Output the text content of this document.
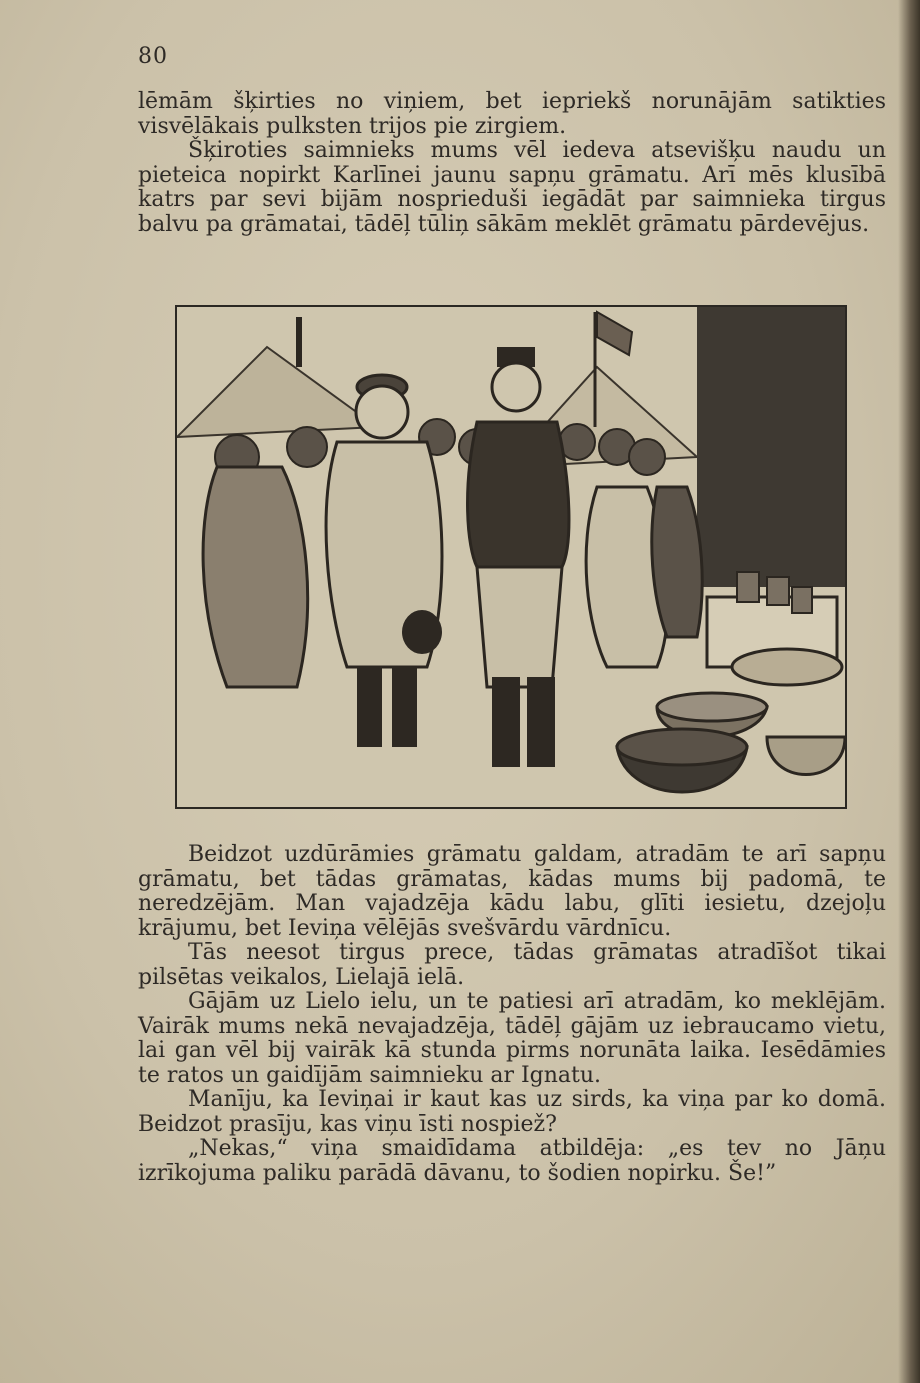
80

lēmām šķirties no viņiem, bet iepriekš norunājām satikties visvēlākais pulksten trijos pie zirgiem.

Šķiroties saimnieks mums vēl iedeva atsevišķu naudu un pieteica nopirkt Karlīnei jaunu sapņu grāmatu. Arī mēs klusībā katrs par sevi bijām nosprieduši iegādāt par saimnieka tirgus balvu pa grāmatai, tādēļ tūliņ sākām meklēt grāmatu pārdevējus.

Beidzot uzdūrāmies grāmatu galdam, atradām te arī sapņu grāmatu, bet tādas grāmatas, kādas mums bij padomā, te neredzējām. Man vajadzēja kādu labu, glīti iesietu, dzejoļu krājumu, bet Ieviņa vēlējās svešvārdu vārdnīcu.

Tās neesot tirgus prece, tādas grāmatas atradīšot tikai pilsētas veikalos, Lielajā ielā.

Gājām uz Lielo ielu, un te patiesi arī atradām, ko meklējām. Vairāk mums nekā nevajadzēja, tādēļ gājām uz iebraucamo vietu, lai gan vēl bij vairāk kā stunda pirms norunāta laika. Iesēdāmies te ratos un gaidījām saimnieku ar Ignatu.

Manīju, ka Ieviņai ir kaut kas uz sirds, ka viņa par ko domā. Beidzot prasīju, kas viņu īsti nospiež?

„Nekas,“ viņa smaidīdama atbildēja: „es tev no Jāņu izrīkojuma paliku parādā dāvanu, to šodien nopirku. Še!”
